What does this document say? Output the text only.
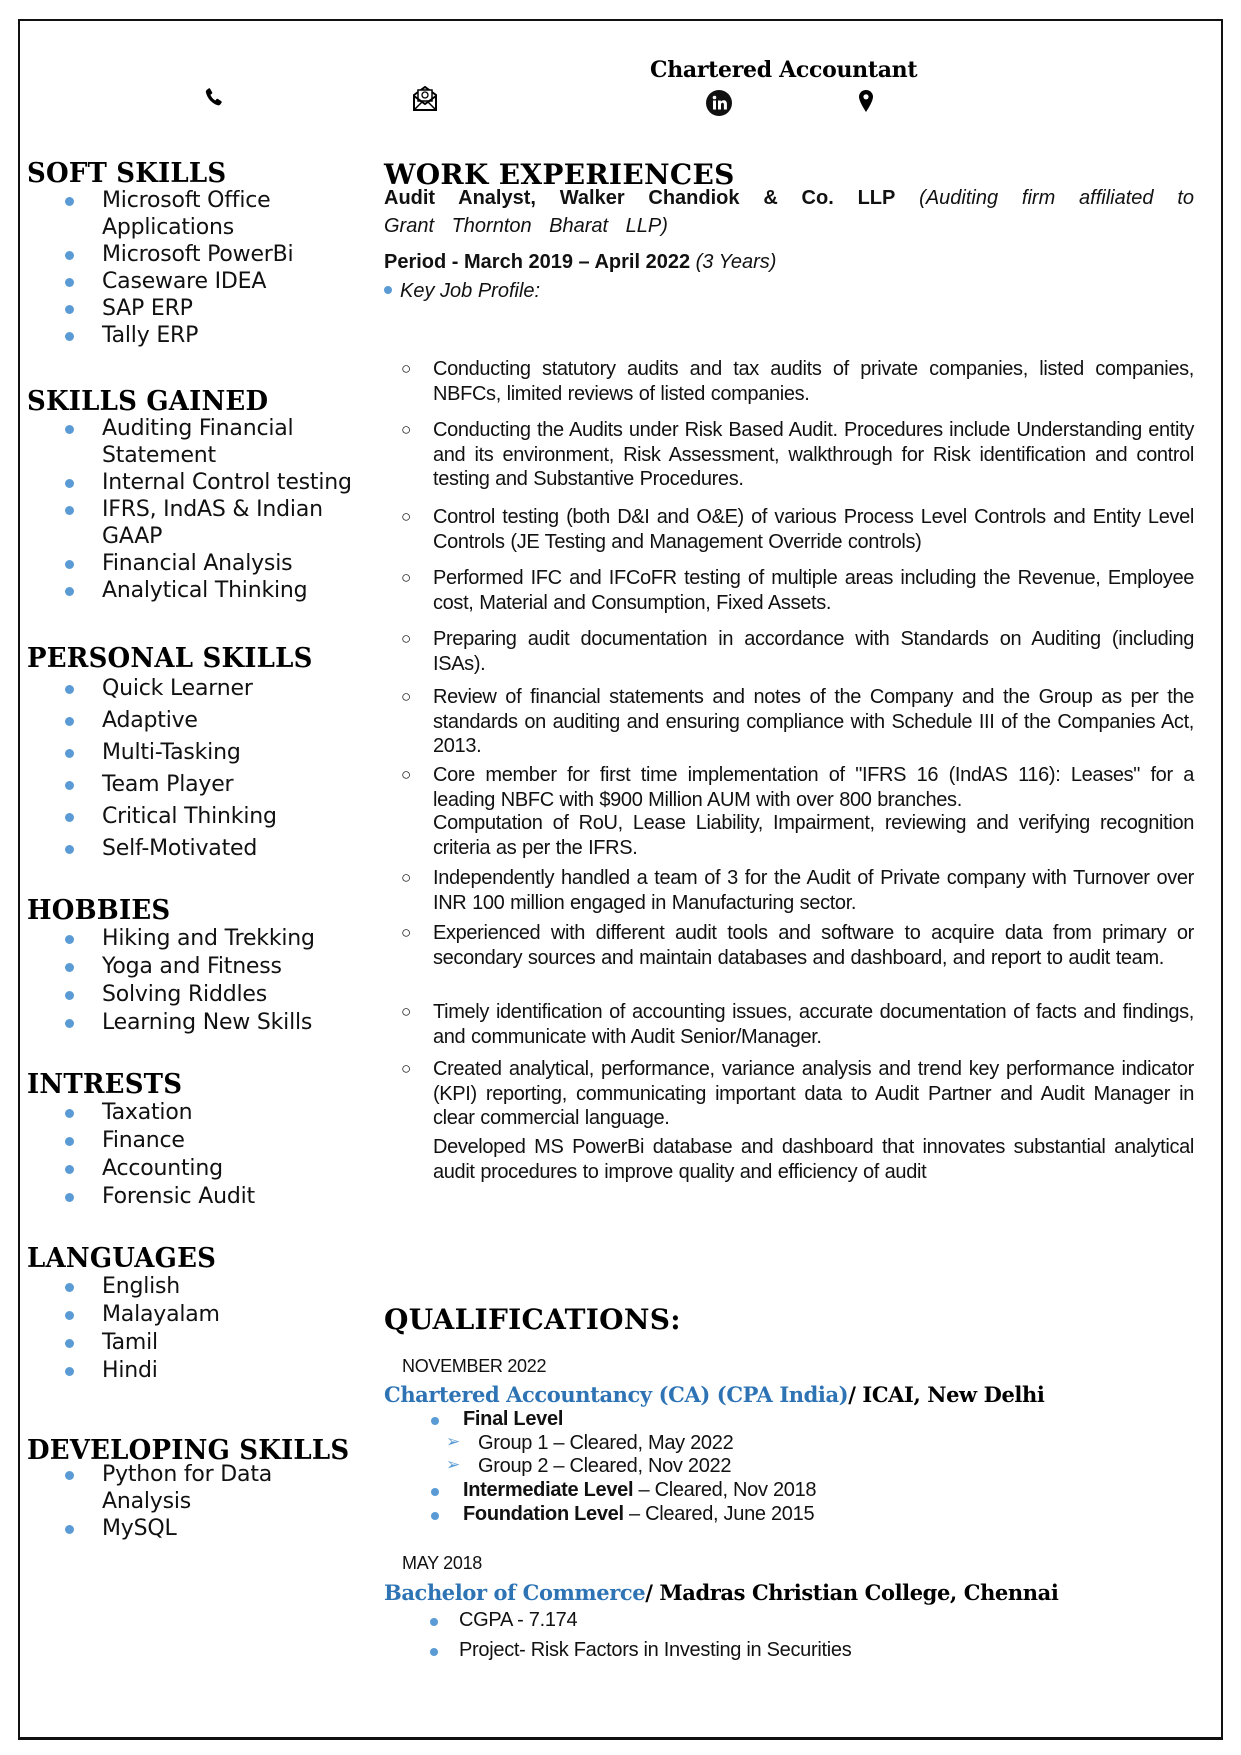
Chartered Accountant
SOFT SKILLS
Microsoft Office Applications
Microsoft PowerBi
Caseware IDEA
SAP ERP
Tally ERP
SKILLS GAINED
Auditing Financial Statement
Internal Control testing
IFRS, IndAS & Indian GAAP
Financial Analysis
Analytical Thinking
PERSONAL SKILLS
Quick Learner
Adaptive
Multi-Tasking
Team Player
Critical Thinking
Self-Motivated
HOBBIES
Hiking and Trekking
Yoga and Fitness
Solving Riddles
Learning New Skills
INTRESTS
Taxation
Finance
Accounting
Forensic Audit
LANGUAGES
English
Malayalam
Tamil
Hindi
DEVELOPING SKILLS
Python for Data Analysis
MySQL
WORK EXPERIENCES
Audit Analyst, Walker Chandiok & Co. LLP (Auditing firm affiliated to Grant Thornton Bharat LLP)
Period - March 2019 – April 2022 (3 Years)
Key Job Profile:
○ Conducting statutory audits and tax audits of private companies, listed companies, NBFCs, limited reviews of listed companies.
○ Conducting the Audits under Risk Based Audit. Procedures include Understanding entity and its environment, Risk Assessment, walkthrough for Risk identification and control testing and Substantive Procedures.
○ Control testing (both D&I and O&E) of various Process Level Controls and Entity Level Controls (JE Testing and Management Override controls)
○ Performed IFC and IFCoFR testing of multiple areas including the Revenue, Employee cost, Material and Consumption, Fixed Assets.
○ Preparing audit documentation in accordance with Standards on Auditing (including ISAs).
○ Review of financial statements and notes of the Company and the Group as per the standards on auditing and ensuring compliance with Schedule III of the Companies Act, 2013.
○ Core member for first time implementation of "IFRS 16 (IndAS 116): Leases" for a leading NBFC with $900 Million AUM with over 800 branches.
Computation of RoU, Lease Liability, Impairment, reviewing and verifying recognition criteria as per the IFRS.
○ Independently handled a team of 3 for the Audit of Private company with Turnover over INR 100 million engaged in Manufacturing sector.
○ Experienced with different audit tools and software to acquire data from primary or secondary sources and maintain databases and dashboard, and report to audit team.
○ Timely identification of accounting issues, accurate documentation of facts and findings, and communicate with Audit Senior/Manager.
○ Created analytical, performance, variance analysis and trend key performance indicator (KPI) reporting, communicating important data to Audit Partner and Audit Manager in clear commercial language.
Developed MS PowerBi database and dashboard that innovates substantial analytical audit procedures to improve quality and efficiency of audit
QUALIFICATIONS:
NOVEMBER 2022
Chartered Accountancy (CA) (CPA India)/ ICAI, New Delhi
Final Level
➢ Group 1 – Cleared, May 2022
➢ Group 2 – Cleared, Nov 2022
Intermediate Level – Cleared, Nov 2018
Foundation Level – Cleared, June 2015
MAY 2018
Bachelor of Commerce/ Madras Christian College, Chennai
CGPA - 7.174
Project- Risk Factors in Investing in Securities
